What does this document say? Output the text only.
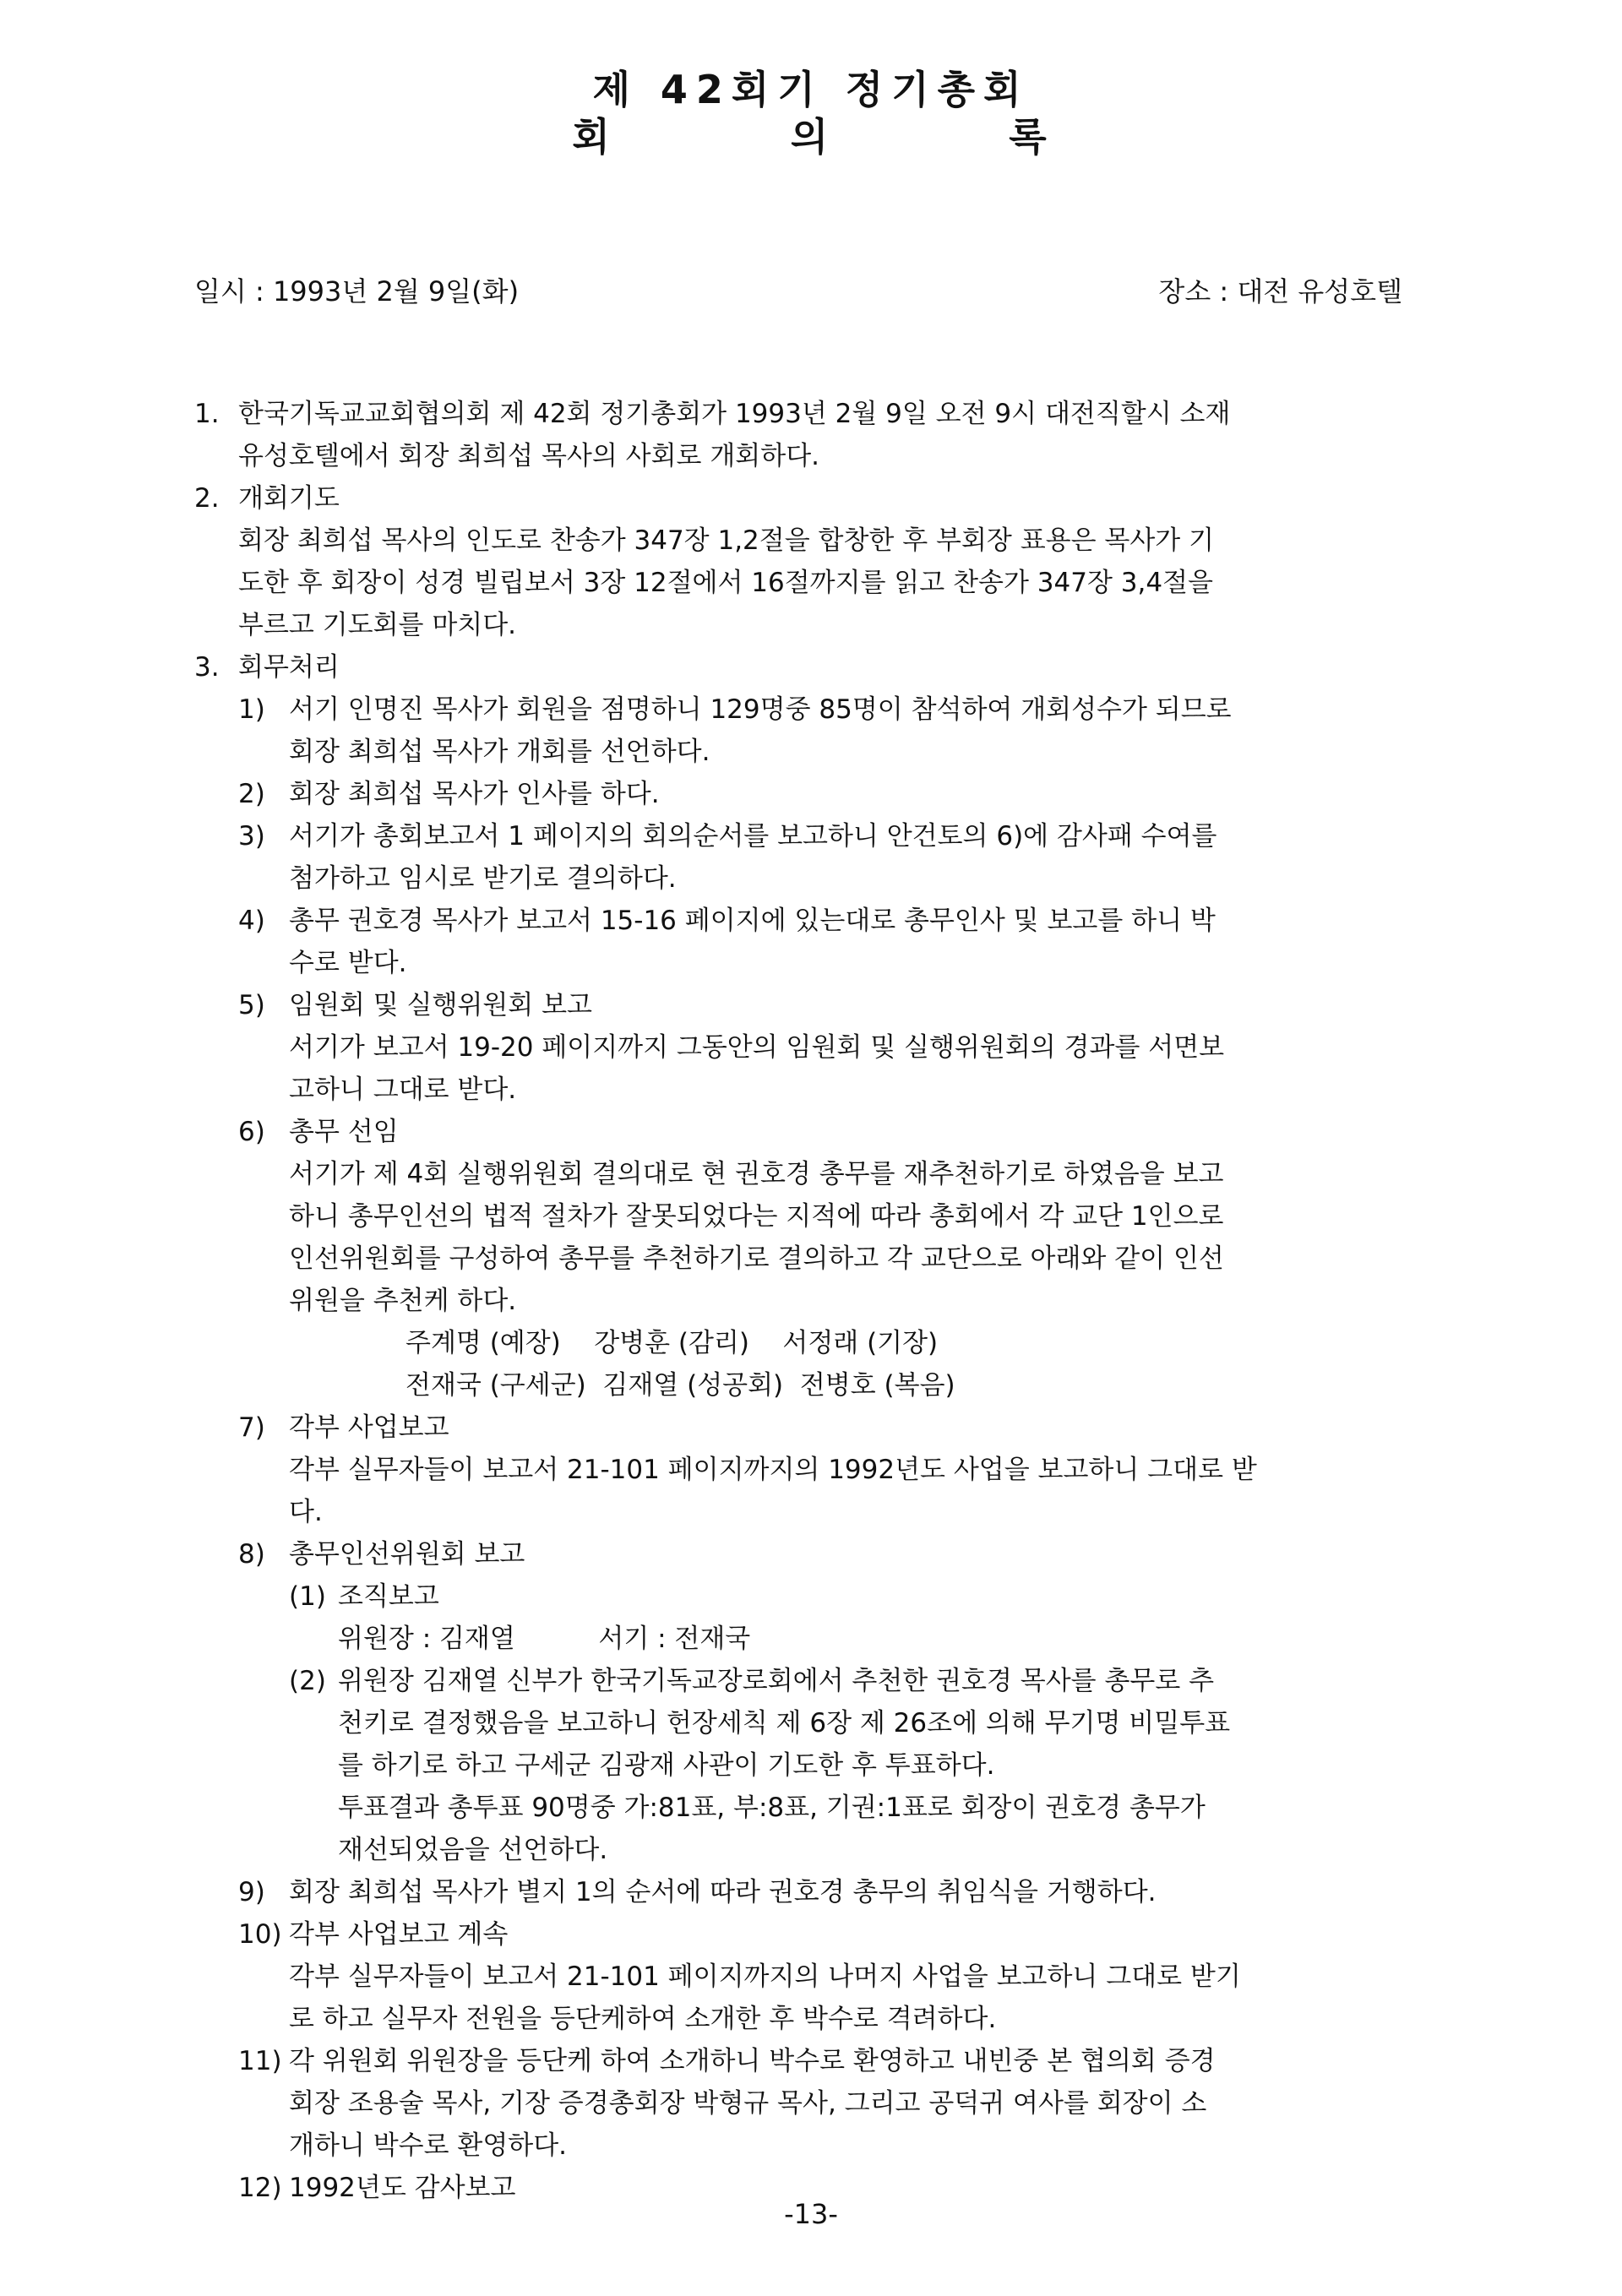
제 42회기 정기총회
회 의 록
일시 : 1993년 2월 9일(화)	장소 : 대전 유성호텔
1. 한국기독교교회협의회 제 42회 정기총회가 1993년 2월 9일 오전 9시 대전직할시 소재
유성호텔에서 회장 최희섭 목사의 사회로 개회하다.
2. 개회기도
회장 최희섭 목사의 인도로 찬송가 347장 1,2절을 합창한 후 부회장 표용은 목사가 기
도한 후 회장이 성경 빌립보서 3장 12절에서 16절까지를 읽고 찬송가 347장 3,4절을
부르고 기도회를 마치다.
3. 회무처리
1) 서기 인명진 목사가 회원을 점명하니 129명중 85명이 참석하여 개회성수가 되므로
회장 최희섭 목사가 개회를 선언하다.
2) 회장 최희섭 목사가 인사를 하다.
3) 서기가 총회보고서 1 페이지의 회의순서를 보고하니 안건토의 6)에 감사패 수여를
첨가하고 임시로 받기로 결의하다.
4) 총무 권호경 목사가 보고서 15-16 페이지에 있는대로 총무인사 및 보고를 하니 박
수로 받다.
5) 임원회 및 실행위원회 보고
서기가 보고서 19-20 페이지까지 그동안의 임원회 및 실행위원회의 경과를 서면보
고하니 그대로 받다.
6) 총무 선임
서기가 제 4회 실행위원회 결의대로 현 권호경 총무를 재추천하기로 하였음을 보고
하니 총무인선의 법적 절차가 잘못되었다는 지적에 따라 총회에서 각 교단 1인으로
인선위원회를 구성하여 총무를 추천하기로 결의하고 각 교단으로 아래와 같이 인선
위원을 추천케 하다.
주계명 (예장)    강병훈 (감리)    서정래 (기장)
전재국 (구세군)  김재열 (성공회)  전병호 (복음)
7) 각부 사업보고
각부 실무자들이 보고서 21-101 페이지까지의 1992년도 사업을 보고하니 그대로 받
다.
8) 총무인선위원회 보고
(1) 조직보고
위원장 : 김재열          서기 : 전재국
(2) 위원장 김재열 신부가 한국기독교장로회에서 추천한 권호경 목사를 총무로 추
천키로 결정했음을 보고하니 헌장세칙 제 6장 제 26조에 의해 무기명 비밀투표
를 하기로 하고 구세군 김광재 사관이 기도한 후 투표하다.
투표결과 총투표 90명중 가:81표, 부:8표, 기권:1표로 회장이 권호경 총무가
재선되었음을 선언하다.
9) 회장 최희섭 목사가 별지 1의 순서에 따라 권호경 총무의 취임식을 거행하다.
10) 각부 사업보고 계속
각부 실무자들이 보고서 21-101 페이지까지의 나머지 사업을 보고하니 그대로 받기
로 하고 실무자 전원을 등단케하여 소개한 후 박수로 격려하다.
11) 각 위원회 위원장을 등단케 하여 소개하니 박수로 환영하고 내빈중 본 협의회 증경
회장 조용술 목사, 기장 증경총회장 박형규 목사, 그리고 공덕귀 여사를 회장이 소
개하니 박수로 환영하다.
12) 1992년도 감사보고
-13-
